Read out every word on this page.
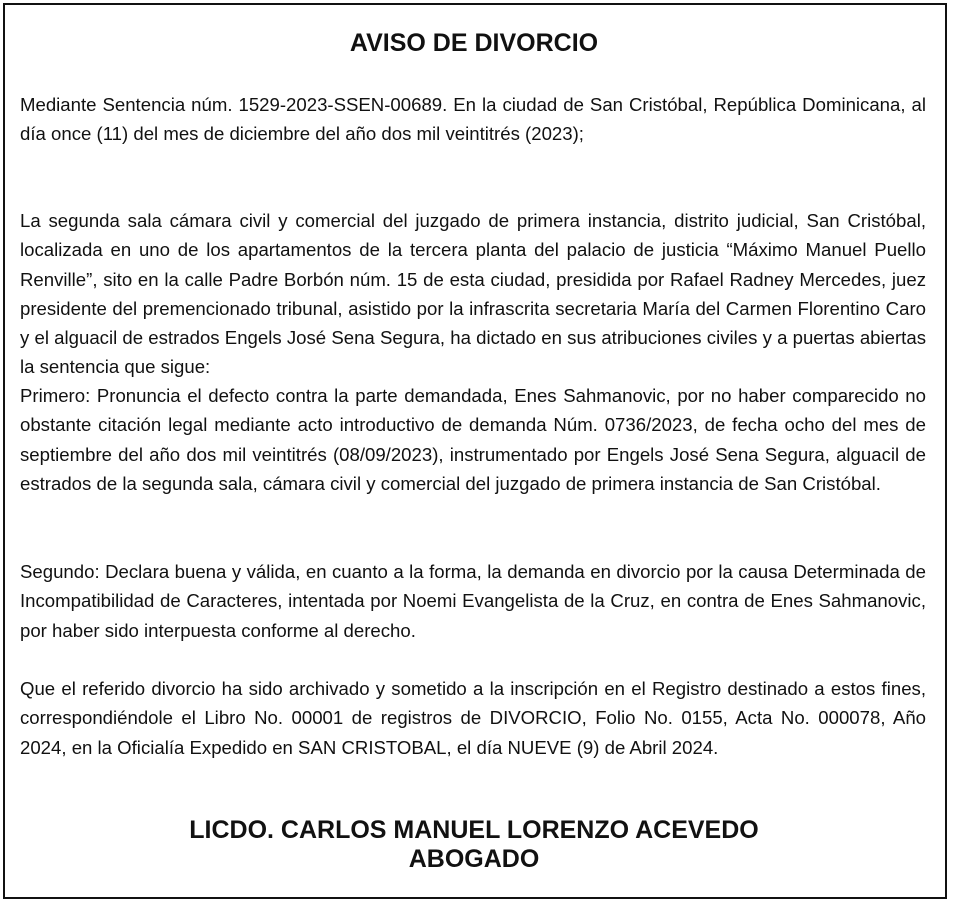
AVISO DE DIVORCIO

Mediante Sentencia núm. 1529-2023-SSEN-00689. En la ciudad de San Cristóbal, República Dominicana, al día once (11) del mes de diciembre del año dos mil veintitrés (2023);

La segunda sala cámara civil y comercial del juzgado de primera instancia, distrito judicial, San Cristóbal, localizada en uno de los apartamentos de la tercera planta del palacio de justicia “Máximo Manuel Puello Renville”, sito en la calle Padre Borbón núm. 15 de esta ciudad, presidida por Rafael Radney Mercedes, juez presidente del premencionado tribunal, asistido por la infrascrita secretaria María del Carmen Florentino Caro y el alguacil de estrados Engels José Sena Segura, ha dictado en sus atribuciones civiles y a puertas abiertas la sentencia que sigue:

Primero: Pronuncia el defecto contra la parte demandada, Enes Sahmanovic, por no haber comparecido no obstante citación legal mediante acto introductivo de demanda Núm. 0736/2023, de fecha ocho del mes de septiembre del año dos mil veintitrés (08/09/2023), instrumentado por Engels José Sena Segura, alguacil de estrados de la segunda sala, cámara civil y comercial del juzgado de primera instancia de San Cristóbal.

Segundo: Declara buena y válida, en cuanto a la forma, la demanda en divorcio por la causa Determinada de Incompatibilidad de Caracteres, intentada por Noemi Evangelista de la Cruz, en contra de Enes Sahmanovic, por haber sido interpuesta conforme al derecho.

Que el referido divorcio ha sido archivado y sometido a la inscripción en el Registro destinado a estos fines, correspondiéndole el Libro No. 00001 de registros de DIVORCIO, Folio No. 0155, Acta No. 000078, Año 2024, en la Oficialía Expedido en SAN CRISTOBAL, el día NUEVE (9) de Abril 2024.

LICDO. CARLOS MANUEL LORENZO ACEVEDO
ABOGADO
